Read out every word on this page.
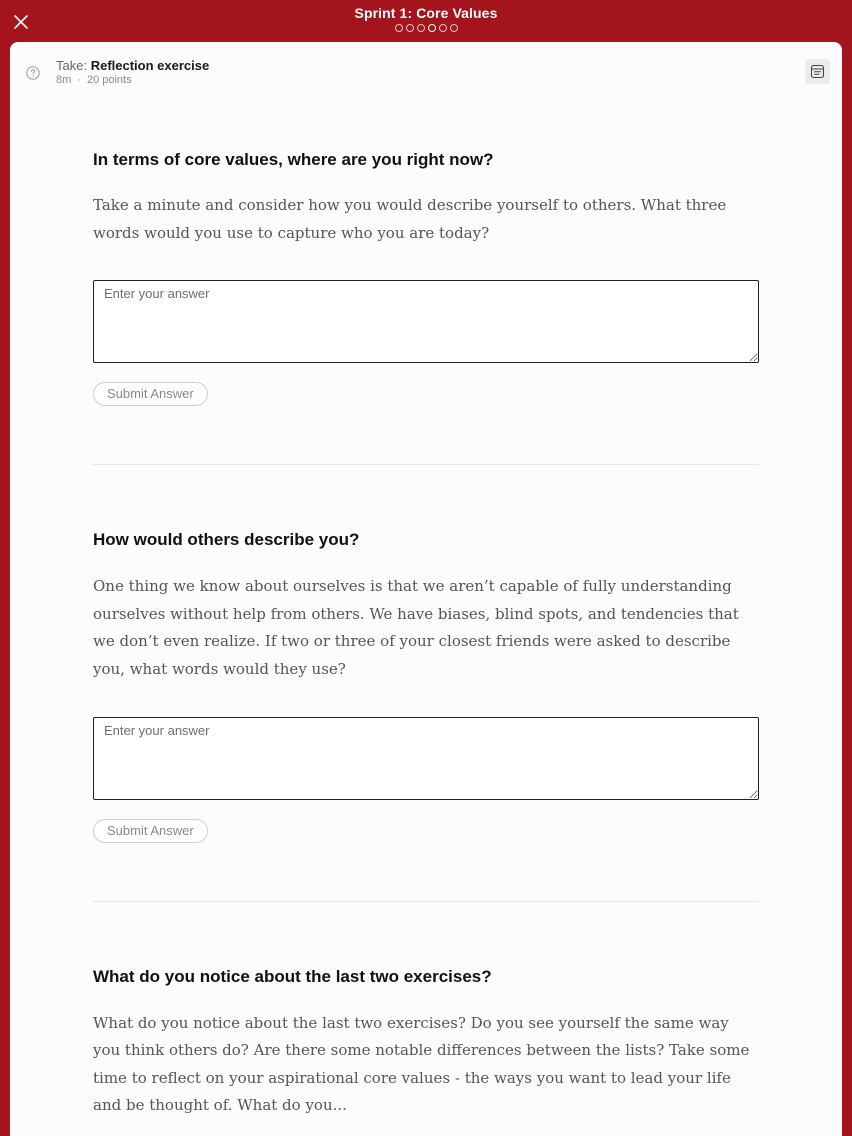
Sprint 1: Core Values
Take: Reflection exercise
8m · 20 points
In terms of core values, where are you right now?

Take a minute and consider how you would describe yourself to others. What three words would you use to capture who you are today?

Enter your answer
Submit Answer
How would others describe you?

One thing we know about ourselves is that we aren’t capable of fully understanding ourselves without help from others. We have biases, blind spots, and tendencies that we don’t even realize. If two or three of your closest friends were asked to describe you, what words would they use?

Enter your answer
Submit Answer
What do you notice about the last two exercises?

What do you notice about the last two exercises? Do you see yourself the same way you think others do? Are there some notable differences between the lists? Take some time to reflect on your aspirational core values - the ways you want to lead your life and be thought of. What do you...
